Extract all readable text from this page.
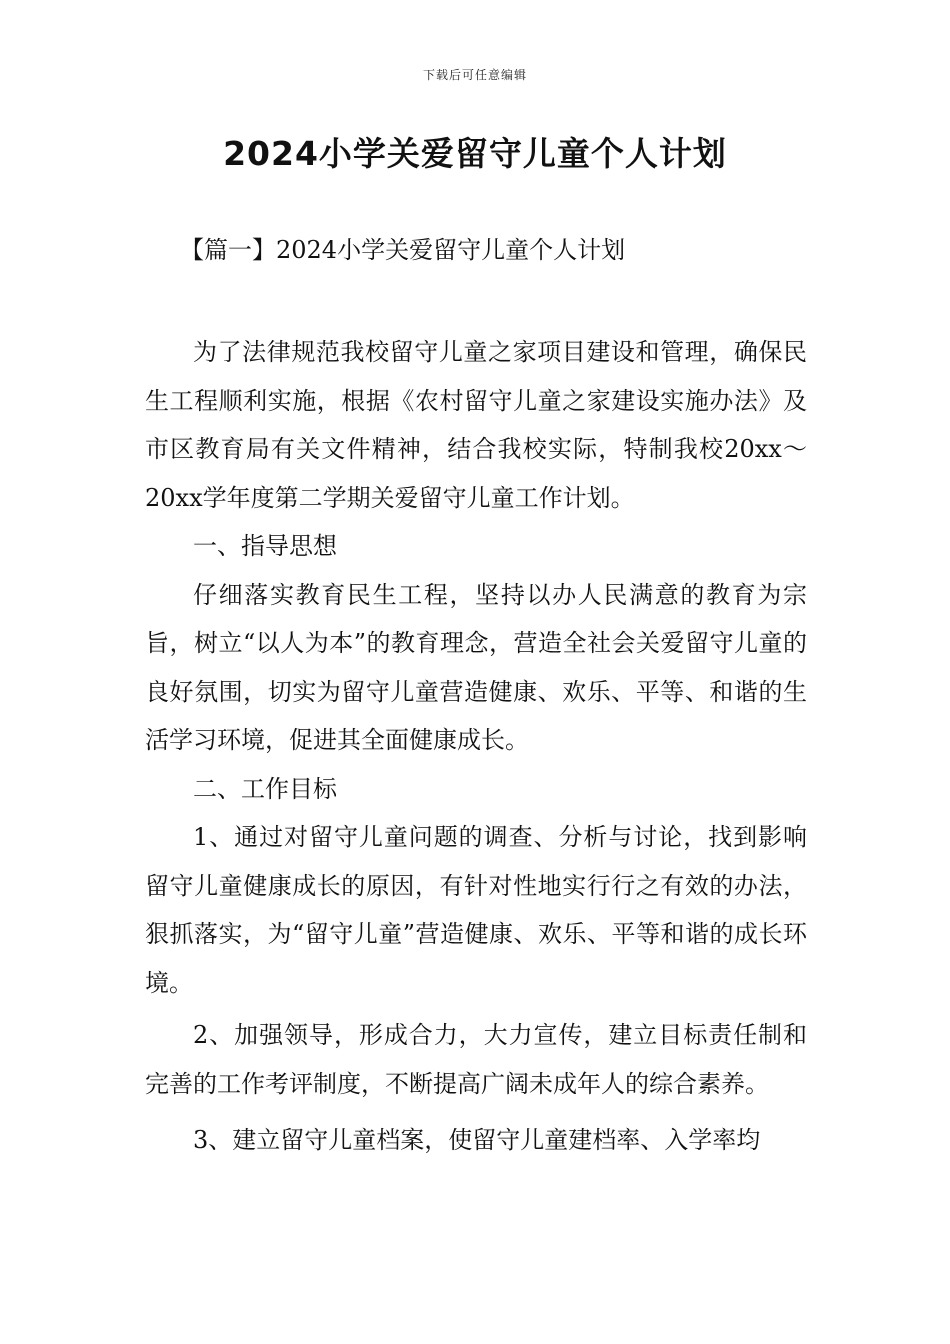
下载后可任意编辑
2024小学关爱留守儿童个人计划

【篇一】2024小学关爱留守儿童个人计划

为了法律规范我校留守儿童之家项目建设和管理，确保民生工程顺利实施，根据《农村留守儿童之家建设实施办法》及市区教育局有关文件精神，结合我校实际，特制我校20xx～20xx学年度第二学期关爱留守儿童工作计划。

一、指导思想

仔细落实教育民生工程，坚持以办人民满意的教育为宗旨，树立“以人为本”的教育理念，营造全社会关爱留守儿童的良好氛围，切实为留守儿童营造健康、欢乐、平等、和谐的生活学习环境，促进其全面健康成长。

二、工作目标

1、通过对留守儿童问题的调查、分析与讨论，找到影响留守儿童健康成长的原因，有针对性地实行行之有效的办法，狠抓落实，为“留守儿童”营造健康、欢乐、平等和谐的成长环境。

2、加强领导，形成合力，大力宣传，建立目标责任制和完善的工作考评制度，不断提高广阔未成年人的综合素养。

3、建立留守儿童档案，使留守儿童建档率、入学率均
